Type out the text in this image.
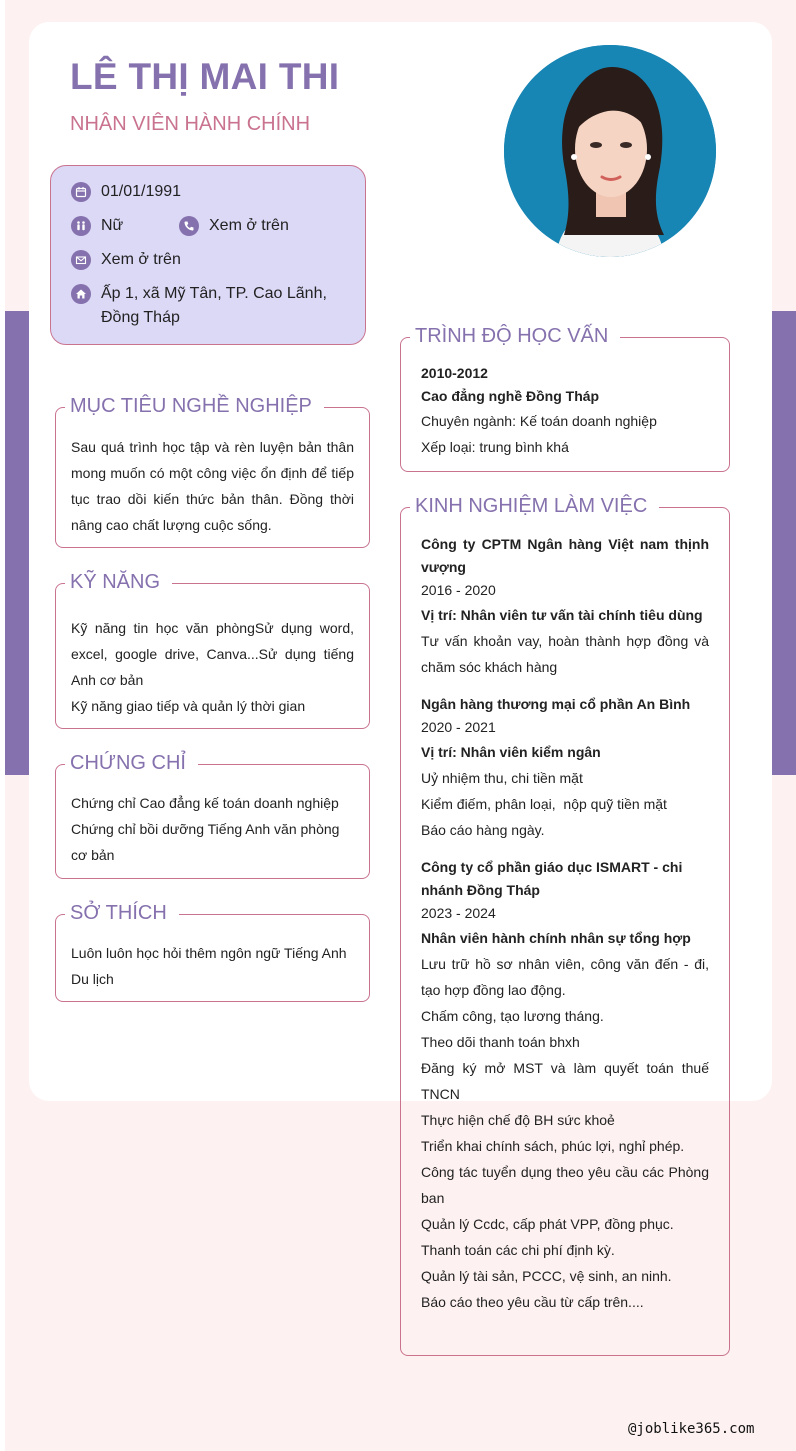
LÊ THỊ MAI THI
NHÂN VIÊN HÀNH CHÍNH
01/01/1991
Nữ	Xem ở trên
Xem ở trên
Ấp 1, xã Mỹ Tân, TP. Cao Lãnh,
Đồng Tháp
MỤC TIÊU NGHỀ NGHIỆP
Sau quá trình học tập và rèn luyện bản thân mong muốn có một công việc ổn định để tiếp tục trao dồi kiến thức bản thân. Đồng thời nâng cao chất lượng cuộc sống.
KỸ NĂNG
Kỹ năng tin học văn phòngSử dụng word, excel, google drive, Canva...Sử dụng tiếng Anh cơ bản
Kỹ năng giao tiếp và quản lý thời gian
CHỨNG CHỈ
Chứng chỉ Cao đẳng kế toán doanh nghiệp
Chứng chỉ bồi dưỡng Tiếng Anh văn phòng cơ bản
SỞ THÍCH
Luôn luôn học hỏi thêm ngôn ngữ Tiếng Anh
Du lịch
TRÌNH ĐỘ HỌC VẤN
2010-2012
Cao đẳng nghề Đồng Tháp
Chuyên ngành: Kế toán doanh nghiệp
Xếp loại: trung bình khá
KINH NGHIỆM LÀM VIỆC
Công ty CPTM Ngân hàng Việt nam thịnh vượng
2016 - 2020
Vị trí: Nhân viên tư vấn tài chính tiêu dùng
Tư vấn khoản vay, hoàn thành hợp đồng và chăm sóc khách hàng
Ngân hàng thương mại cổ phần An Bình
2020 - 2021
Vị trí: Nhân viên kiểm ngân
Uỷ nhiệm thu, chi tiền mặt
Kiểm điếm, phân loại,  nộp quỹ tiền mặt
Báo cáo hàng ngày.
Công ty cổ phần giáo dục ISMART - chi nhánh Đồng Tháp
2023 - 2024
Nhân viên hành chính nhân sự tổng hợp
Lưu trữ hồ sơ nhân viên, công văn đến - đi, tạo hợp đồng lao động.
Chấm công, tạo lương tháng.
Theo dõi thanh toán bhxh
Đăng ký mở MST và làm quyết toán thuế TNCN
Thực hiện chế độ BH sức khoẻ
Triển khai chính sách, phúc lợi, nghỉ phép.
Công tác tuyển dụng theo yêu cầu các Phòng ban
Quản lý Ccdc, cấp phát VPP, đồng phục.
Thanh toán các chi phí định kỳ.
Quản lý tài sản, PCCC, vệ sinh, an ninh.
Báo cáo theo yêu cầu từ cấp trên....
@joblike365.com
